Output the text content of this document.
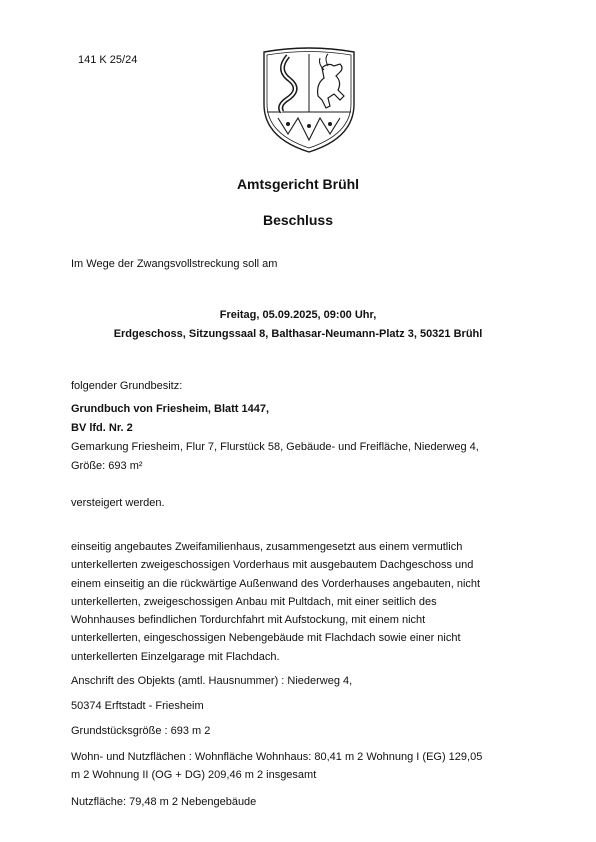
141 K 25/24
Amtsgericht Brühl
Beschluss
Im Wege der Zwangsvollstreckung soll am
Freitag, 05.09.2025, 09:00 Uhr,
Erdgeschoss, Sitzungssaal 8, Balthasar-Neumann-Platz 3, 50321 Brühl
folgender Grundbesitz:
Grundbuch von Friesheim, Blatt 1447,
BV lfd. Nr. 2
Gemarkung Friesheim, Flur 7, Flurstück 58, Gebäude- und Freifläche, Niederweg 4,
Größe: 693 m²
versteigert werden.
einseitig angebautes Zweifamilienhaus, zusammengesetzt aus einem vermutlich
unterkellerten zweigeschossigen Vorderhaus mit ausgebautem Dachgeschoss und
einem einseitig an die rückwärtige Außenwand des Vorderhauses angebauten, nicht
unterkellerten, zweigeschossigen Anbau mit Pultdach, mit einer seitlich des
Wohnhauses befindlichen Tordurchfahrt mit Aufstockung, mit einem nicht
unterkellerten, eingeschossigen Nebengebäude mit Flachdach sowie einer nicht
unterkellerten Einzelgarage mit Flachdach.
Anschrift des Objekts (amtl. Hausnummer) : Niederweg 4,
50374 Erftstadt - Friesheim
Grundstücksgröße : 693 m 2
Wohn- und Nutzflächen : Wohnfläche Wohnhaus: 80,41 m 2 Wohnung I (EG) 129,05
m 2 Wohnung II (OG + DG) 209,46 m 2 insgesamt
Nutzfläche: 79,48 m 2 Nebengebäude
